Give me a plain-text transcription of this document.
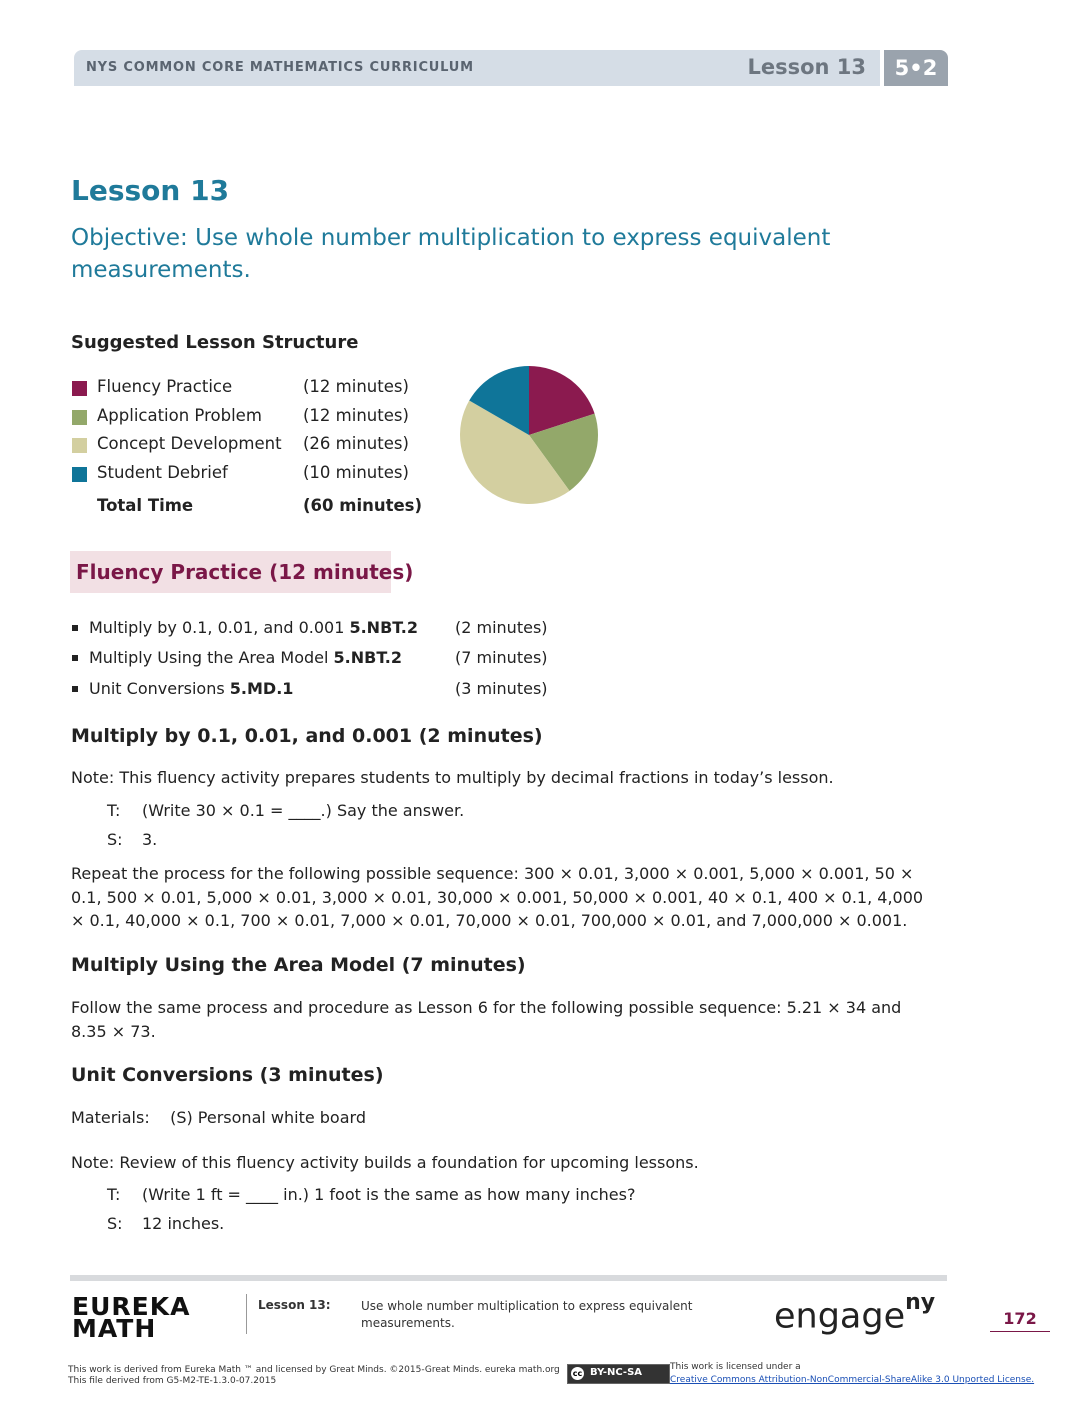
NYS COMMON CORE MATHEMATICS CURRICULUM	Lesson 13	5•2
Lesson 13
Objective: Use whole number multiplication to express equivalent measurements.
Suggested Lesson Structure
Fluency Practice	(12 minutes)
Application Problem (12 minutes)
Concept Development (26 minutes)
Student Debrief	(10 minutes)
Total Time	(60 minutes)
Fluency Practice (12 minutes)
Multiply by 0.1, 0.01, and 0.001 5.NBT.2 (2 minutes)
Multiply Using the Area Model 5.NBT.2	(7 minutes)
Unit Conversions 5.MD.1	(3 minutes)
Multiply by 0.1, 0.01, and 0.001 (2 minutes)
Note: This fluency activity prepares students to multiply by decimal fractions in today’s lesson.
T: (Write 30 × 0.1 = ____.) Say the answer.
S: 3.
Repeat the process for the following possible sequence: 300 × 0.01, 3,000 × 0.001, 5,000 × 0.001, 50 × 0.1, 500 × 0.01, 5,000 × 0.01, 3,000 × 0.01, 30,000 × 0.001, 50,000 × 0.001, 40 × 0.1, 400 × 0.1, 4,000 × 0.1, 40,000 × 0.1, 700 × 0.01, 7,000 × 0.01, 70,000 × 0.01, 700,000 × 0.01, and 7,000,000 × 0.001.
Multiply Using the Area Model (7 minutes)
Follow the same process and procedure as Lesson 6 for the following possible sequence: 5.21 × 34 and 8.35 × 73.
Unit Conversions (3 minutes)
Materials:    (S) Personal white board
Note: Review of this fluency activity builds a foundation for upcoming lessons.
T: (Write 1 ft = ____ in.) 1 foot is the same as how many inches?
S: 12 inches.
EUREKA
MATH
Lesson 13:	Use whole number multiplication to express equivalent measurements.	engage$^{ny}$
172
This work is derived from Eureka Math ™ and licensed by Great Minds. ©2015-Great Minds. eureka math.org
This file derived from G5-M2-TE-1.3.0-07.2015
cc BY-NC-SA	This work is licensed under a
Creative Commons Attribution-NonCommercial-ShareAlike 3.0 Unported License.
